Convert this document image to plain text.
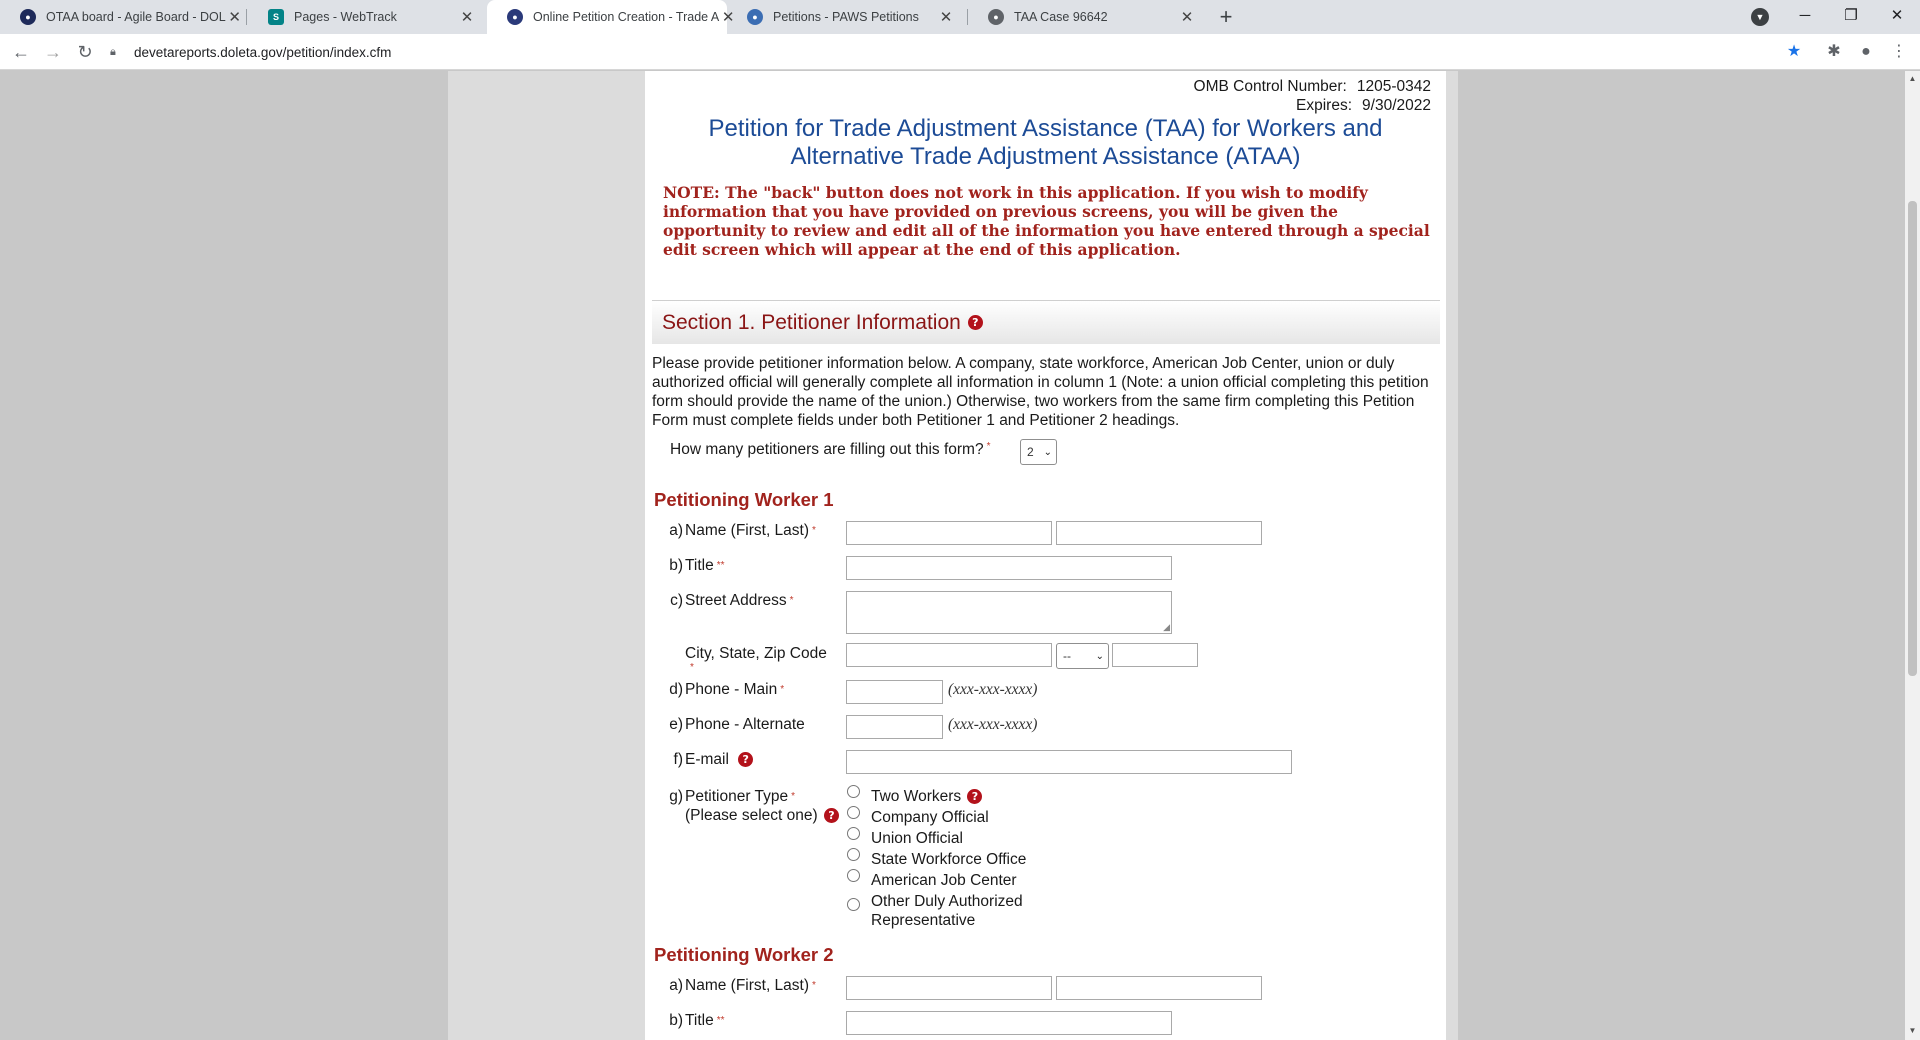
●	OTAA board - Agile Board - DOL ✕	S	Pages - WebTrack	✕	●	Online Petition Creation - Trade A ✕	●	Petitions - PAWS Petitions	✕	●	TAA Case 96642	✕	+	▼	─	❐	✕
← → ↻	🔒︎	devetareports.doleta.gov/petition/index.cfm	★ ✱	●	⋮
OMB Control Number: 1205-0342
Expires: 9/30/2022
Petition for Trade Adjustment Assistance (TAA) for Workers and
Alternative Trade Adjustment Assistance (ATAA)
NOTE: The "back" button does not work in this application. If you wish to modify information that you have provided on previous screens, you will be given the opportunity to review and edit all of the information you have entered through a special edit screen which will appear at the end of this application.
Section 1. Petitioner Information	?
Please provide petitioner information below. A company, state workforce, American Job Center, union or duly authorized official will generally complete all information in column 1 (Note: a union official completing this petition form should provide the name of the union.) Otherwise, two workers from the same firm completing this Petition Form must complete fields under both Petitioner 1 and Petitioner 2 headings.
How many petitioners are filling out this form? *	2 ⌄
Petitioning Worker 1
a) Name (First, Last) *
b) Title **
c) Street Address *
◢
City, State, Zip Code
*
-- ⌄
d) Phone - Main *	(xxx-xxx-xxxx)
e) Phone - Alternate	(xxx-xxx-xxxx)
f) E-mail ?
g) Petitioner Type *
(Please select one) ?
Two Workers ?
Company Official
Union Official
State Workforce Office
American Job Center
Other Duly Authorized
Representative
Petitioning Worker 2
a) Name (First, Last) *
b) Title **
▲
▼
